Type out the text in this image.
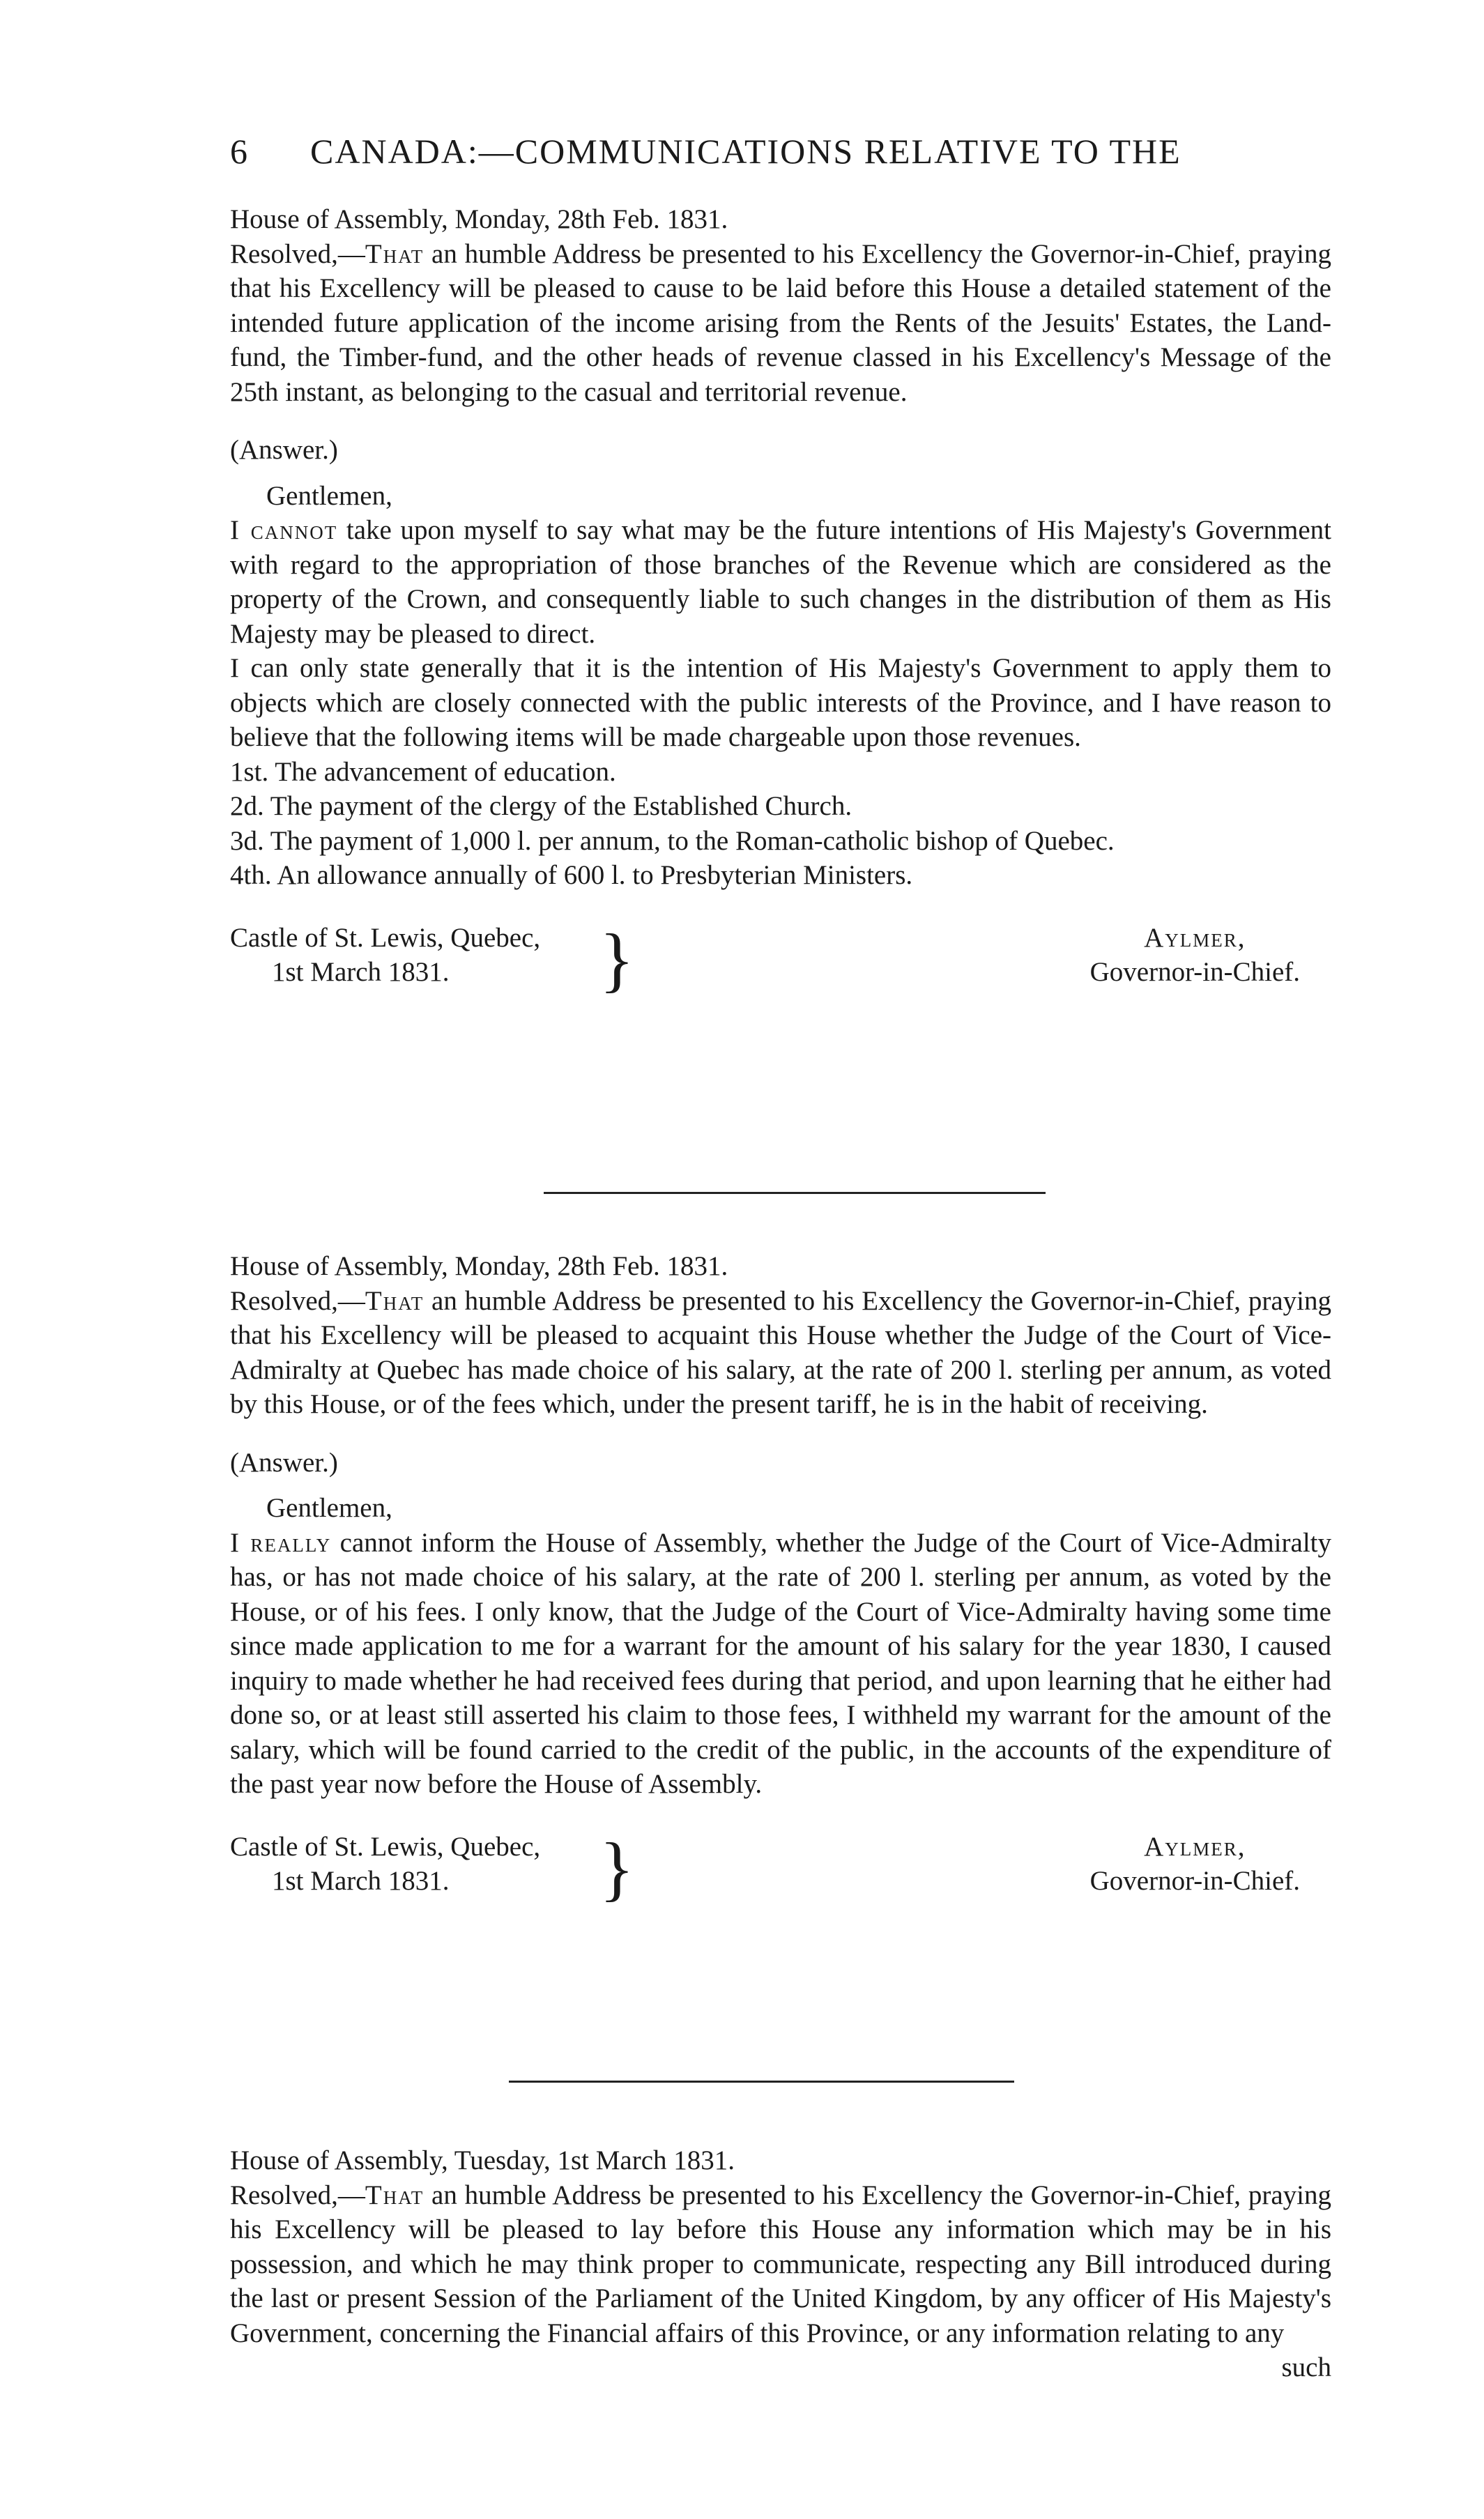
6 CANADA:—COMMUNICATIONS RELATIVE TO THE

House of Assembly, Monday, 28th Feb. 1831.

Resolved,—That an humble Address be presented to his Excellency the Governor-in-Chief, praying that his Excellency will be pleased to cause to be laid before this House a detailed statement of the intended future application of the income arising from the Rents of the Jesuits' Estates, the Land-fund, the Timber-fund, and the other heads of revenue classed in his Excellency's Message of the 25th instant, as belonging to the casual and territorial revenue.

(Answer.)

Gentlemen,

I cannot take upon myself to say what may be the future intentions of His Majesty's Government with regard to the appropriation of those branches of the Revenue which are considered as the property of the Crown, and consequently liable to such changes in the distribution of them as His Majesty may be pleased to direct.

I can only state generally that it is the intention of His Majesty's Government to apply them to objects which are closely connected with the public interests of the Province, and I have reason to believe that the following items will be made chargeable upon those revenues.

1st. The advancement of education.

2d. The payment of the clergy of the Established Church.

3d. The payment of 1,000 l. per annum, to the Roman-catholic bishop of Quebec.

4th. An allowance annually of 600 l. to Presbyterian Ministers.

Castle of St. Lewis, Quebec,
1st March 1831.	}	Aylmer,
Governor-in-Chief.

House of Assembly, Monday, 28th Feb. 1831.

Resolved,—That an humble Address be presented to his Excellency the Governor-in-Chief, praying that his Excellency will be pleased to acquaint this House whether the Judge of the Court of Vice-Admiralty at Quebec has made choice of his salary, at the rate of 200 l. sterling per annum, as voted by this House, or of the fees which, under the present tariff, he is in the habit of receiving.

(Answer.)

Gentlemen,

I really cannot inform the House of Assembly, whether the Judge of the Court of Vice-Admiralty has, or has not made choice of his salary, at the rate of 200 l. sterling per annum, as voted by the House, or of his fees. I only know, that the Judge of the Court of Vice-Admiralty having some time since made application to me for a warrant for the amount of his salary for the year 1830, I caused inquiry to made whether he had received fees during that period, and upon learning that he either had done so, or at least still asserted his claim to those fees, I withheld my warrant for the amount of the salary, which will be found carried to the credit of the public, in the accounts of the expenditure of the past year now before the House of Assembly.

Castle of St. Lewis, Quebec,
1st March 1831.	}	Aylmer,
Governor-in-Chief.

House of Assembly, Tuesday, 1st March 1831.

Resolved,—That an humble Address be presented to his Excellency the Governor-in-Chief, praying his Excellency will be pleased to lay before this House any information which may be in his possession, and which he may think proper to communicate, respecting any Bill introduced during the last or present Session of the Parliament of the United Kingdom, by any officer of His Majesty's Government, concerning the Financial affairs of this Province, or any information relating to any

such
